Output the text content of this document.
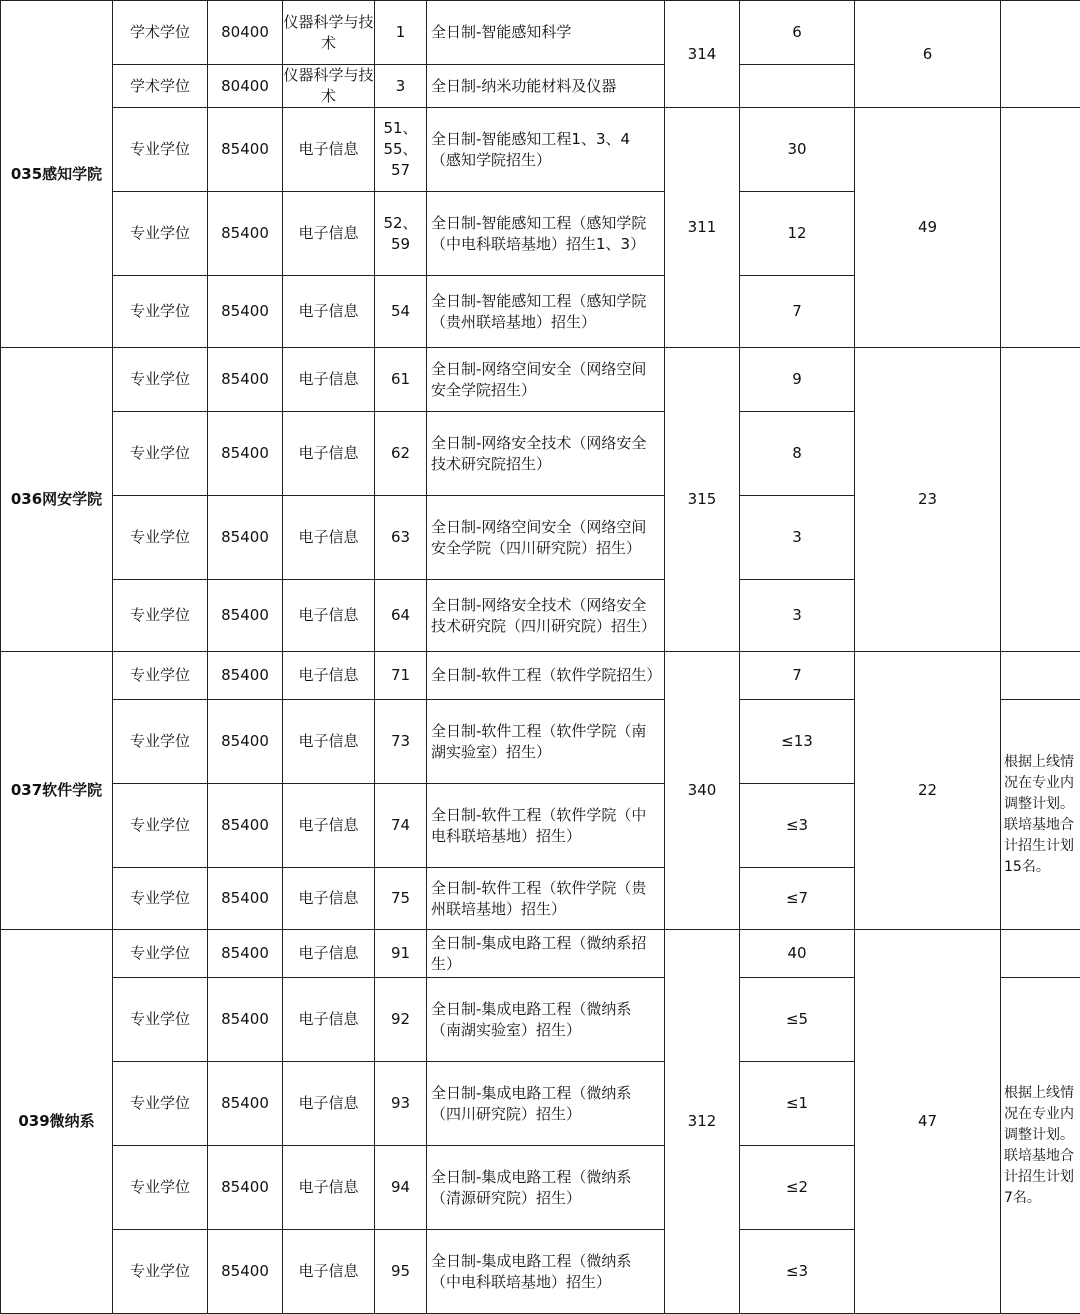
035感知学院	学术学位	80400	仪器科学与技术	1	全日制-智能感知科学	314	6	6	
	学术学位	80400	仪器科学与技术	3	全日制-纳米功能材料及仪器				
	专业学位	85400	电子信息	51、55、57	全日制-智能感知工程1、3、4（感知学院招生）	311	30	49	
	专业学位	85400	电子信息	52、59	全日制-智能感知工程（感知学院（中电科联培基地）招生1、3）		12		
	专业学位	85400	电子信息	54	全日制-智能感知工程（感知学院（贵州联培基地）招生）		7		
036网安学院	专业学位	85400	电子信息	61	全日制-网络空间安全（网络空间安全学院招生）	315	9	23	
	专业学位	85400	电子信息	62	全日制-网络安全技术（网络安全技术研究院招生）		8		
	专业学位	85400	电子信息	63	全日制-网络空间安全（网络空间安全学院（四川研究院）招生）		3		
	专业学位	85400	电子信息	64	全日制-网络安全技术（网络安全技术研究院（四川研究院）招生）		3		
037软件学院	专业学位	85400	电子信息	71	全日制-软件工程（软件学院招生）	340	7	22	
	专业学位	85400	电子信息	73	全日制-软件工程（软件学院（南湖实验室）招生）		≤13		根据上线情况在专业内调整计划。联培基地合计招生计划15名。
	专业学位	85400	电子信息	74	全日制-软件工程（软件学院（中电科联培基地）招生）		≤3		
	专业学位	85400	电子信息	75	全日制-软件工程（软件学院（贵州联培基地）招生）		≤7		
039微纳系	专业学位	85400	电子信息	91	全日制-集成电路工程（微纳系招生）	312	40	47	
	专业学位	85400	电子信息	92	全日制-集成电路工程（微纳系（南湖实验室）招生）		≤5		根据上线情况在专业内调整计划。联培基地合计招生计划7名。
	专业学位	85400	电子信息	93	全日制-集成电路工程（微纳系（四川研究院）招生）		≤1		
	专业学位	85400	电子信息	94	全日制-集成电路工程（微纳系（清源研究院）招生）		≤2		
	专业学位	85400	电子信息	95	全日制-集成电路工程（微纳系（中电科联培基地）招生）		≤3		
